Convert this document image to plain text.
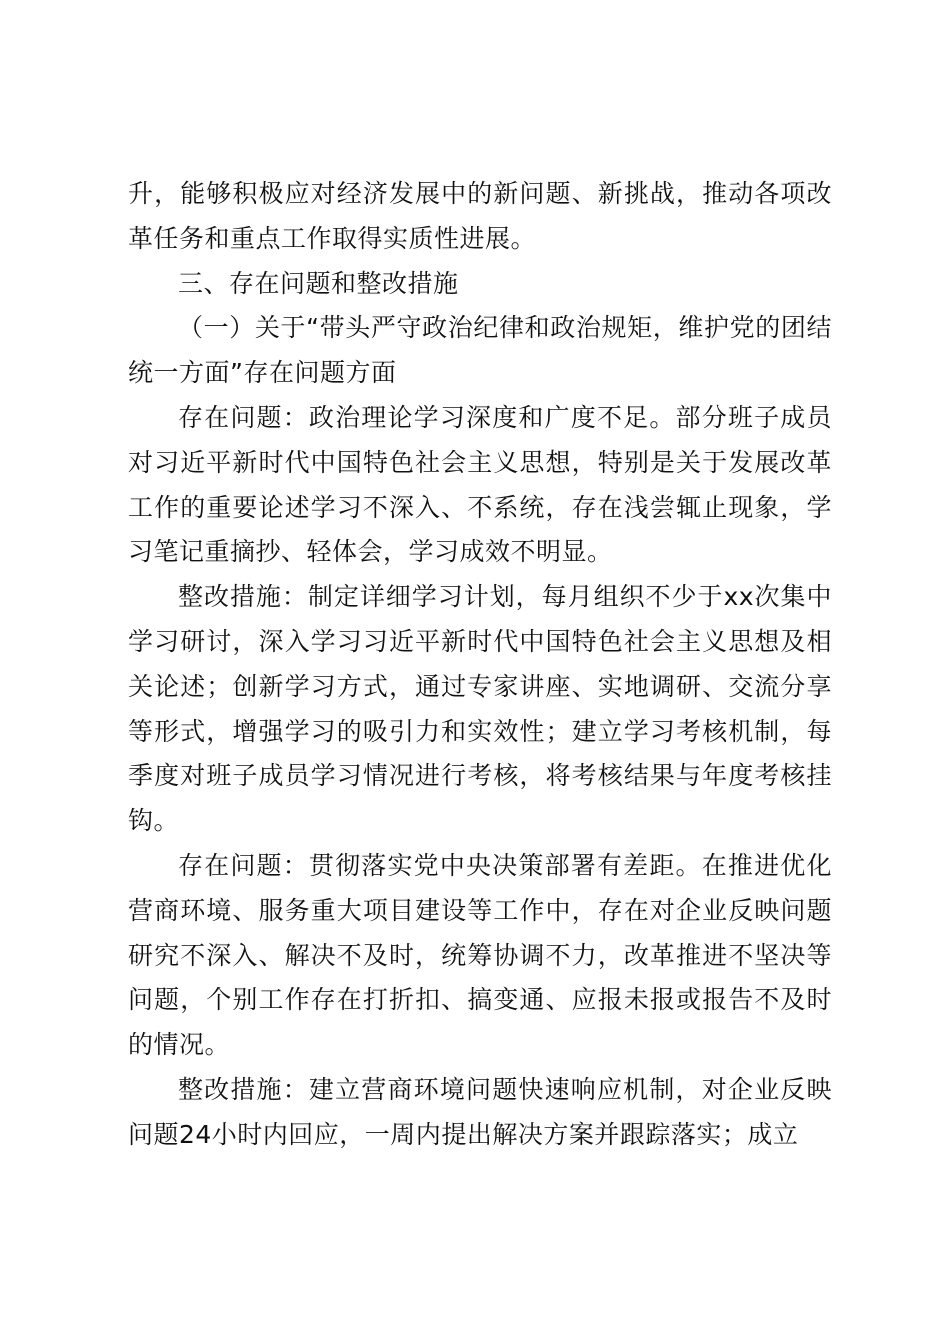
升，能够积极应对经济发展中的新问题、新挑战，推动各项改革任务和重点工作取得实质性进展。

三、存在问题和整改措施

（一）关于“带头严守政治纪律和政治规矩，维护党的团结统一方面”存在问题方面

存在问题：政治理论学习深度和广度不足。部分班子成员对习近平新时代中国特色社会主义思想，特别是关于发展改革工作的重要论述学习不深入、不系统，存在浅尝辄止现象，学习笔记重摘抄、轻体会，学习成效不明显。

整改措施：制定详细学习计划，每月组织不少于xx次集中学习研讨，深入学习习近平新时代中国特色社会主义思想及相关论述；创新学习方式，通过专家讲座、实地调研、交流分享等形式，增强学习的吸引力和实效性；建立学习考核机制，每季度对班子成员学习情况进行考核，将考核结果与年度考核挂钩。

存在问题：贯彻落实党中央决策部署有差距。在推进优化营商环境、服务重大项目建设等工作中，存在对企业反映问题研究不深入、解决不及时，统筹协调不力，改革推进不坚决等问题，个别工作存在打折扣、搞变通、应报未报或报告不及时的情况。

整改措施：建立营商环境问题快速响应机制，对企业反映问题24小时内回应，一周内提出解决方案并跟踪落实；成立
